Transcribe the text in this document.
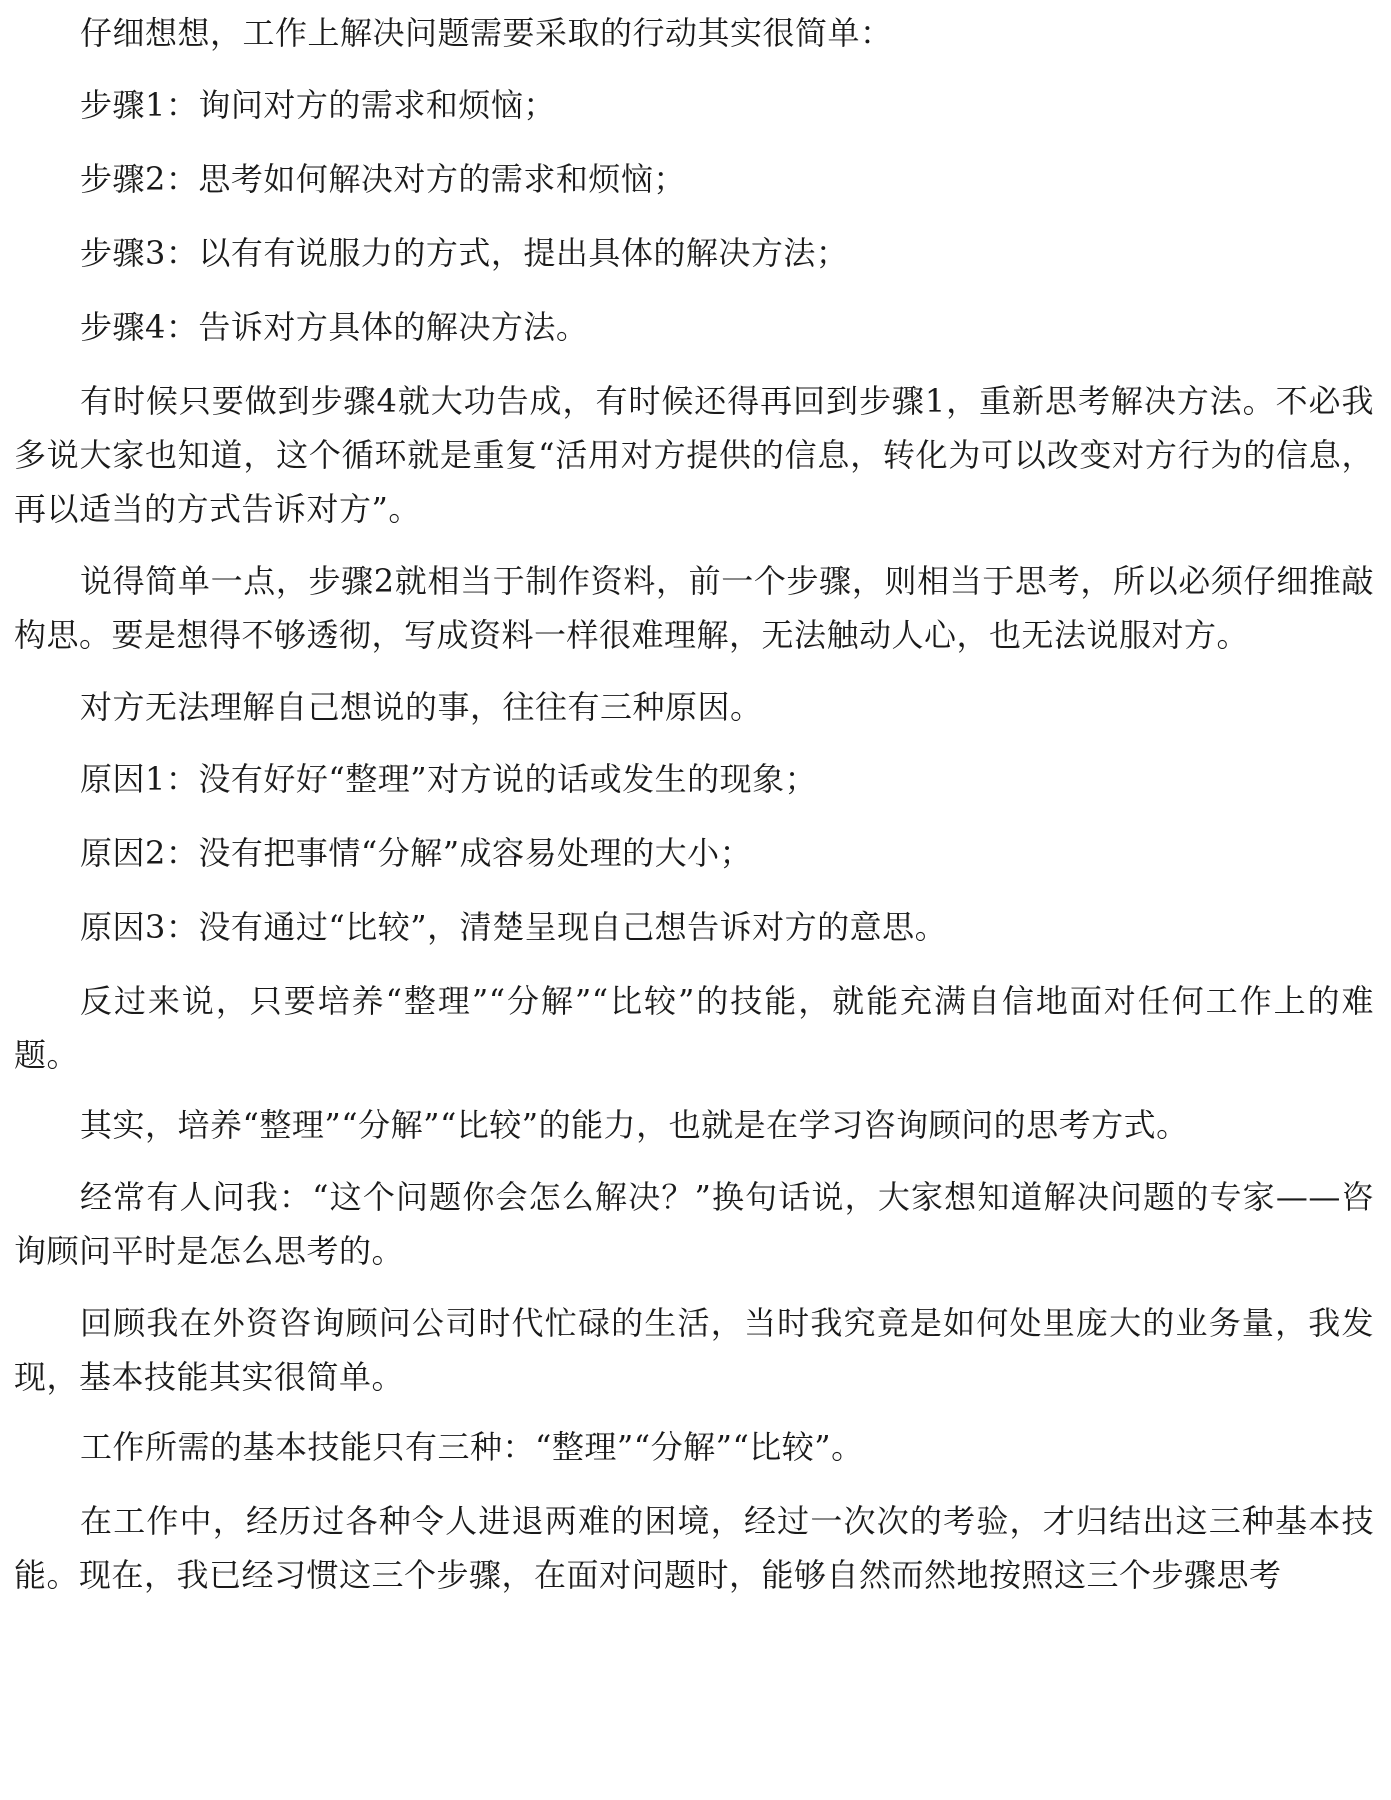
仔细想想，工作上解决问题需要采取的行动其实很简单：

步骤1：询问对方的需求和烦恼；

步骤2：思考如何解决对方的需求和烦恼；

步骤3：以有有说服力的方式，提出具体的解决方法；

步骤4：告诉对方具体的解决方法。

有时候只要做到步骤4就大功告成，有时候还得再回到步骤1，重新思考解决方法。不必我多说大家也知道，这个循环就是重复“活用对方提供的信息，转化为可以改变对方行为的信息，再以适当的方式告诉对方”。

说得简单一点，步骤2就相当于制作资料，前一个步骤，则相当于思考，所以必须仔细推敲构思。要是想得不够透彻，写成资料一样很难理解，无法触动人心，也无法说服对方。

对方无法理解自己想说的事，往往有三种原因。

原因1：没有好好“整理”对方说的话或发生的现象；

原因2：没有把事情“分解”成容易处理的大小；

原因3：没有通过“比较”，清楚呈现自己想告诉对方的意思。

反过来说，只要培养“整理”“分解”“比较”的技能，就能充满自信地面对任何工作上的难题。

其实，培养“整理”“分解”“比较”的能力，也就是在学习咨询顾问的思考方式。

经常有人问我：“这个问题你会怎么解决？”换句话说，大家想知道解决问题的专家——咨询顾问平时是怎么思考的。

回顾我在外资咨询顾问公司时代忙碌的生活，当时我究竟是如何处里庞大的业务量，我发现，基本技能其实很简单。

工作所需的基本技能只有三种：“整理”“分解”“比较”。

在工作中，经历过各种令人进退两难的困境，经过一次次的考验，才归结出这三种基本技能。现在，我已经习惯这三个步骤，在面对问题时，能够自然而然地按照这三个步骤思考
